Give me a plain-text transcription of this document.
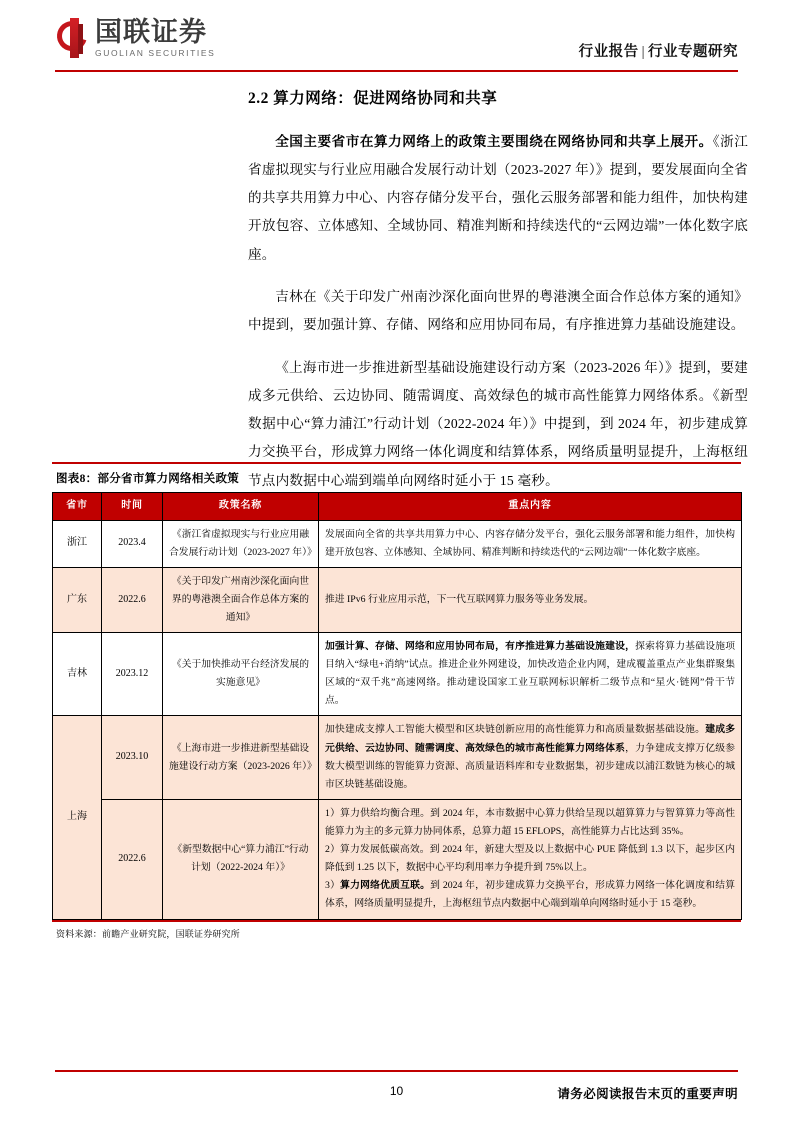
国联证券
GUOLIAN SECURITIES	行业报告 | 行业专题研究
2.2 算力网络：促进网络协同和共享

全国主要省市在算力网络上的政策主要围绕在网络协同和共享上展开。《浙江省虚拟现实与行业应用融合发展行动计划（2023-2027 年）》提到，要发展面向全省的共享共用算力中心、内容存储分发平台，强化云服务部署和能力组件，加快构建开放包容、立体感知、全域协同、精准判断和持续迭代的“云网边端”一体化数字底座。

吉林在《关于印发广州南沙深化面向世界的粤港澳全面合作总体方案的通知》中提到，要加强计算、存储、网络和应用协同布局，有序推进算力基础设施建设。

《上海市进一步推进新型基础设施建设行动方案（2023-2026 年）》提到，要建成多元供给、云边协同、随需调度、高效绿色的城市高性能算力网络体系。《新型数据中心“算力浦江”行动计划（2022-2024 年）》中提到，到 2024 年，初步建成算力交换平台，形成算力网络一体化调度和结算体系，网络质量明显提升，上海枢纽节点内数据中心端到端单向网络时延小于 15 毫秒。

图表8：部分省市算力网络相关政策
省市	时间	政策名称	重点内容
浙江	2023.4	《浙江省虚拟现实与行业应用融合发展行动计划（2023-2027 年）》	发展面向全省的共享共用算力中心、内容存储分发平台，强化云服务部署和能力组件，加快构建开放包容、立体感知、全域协同、精准判断和持续迭代的“云网边端”一体化数字底座。
广东	2022.6	《关于印发广州南沙深化面向世界的粤港澳全面合作总体方案的通知》	推进 IPv6 行业应用示范，下一代互联网算力服务等业务发展。
吉林	2023.12	《关于加快推动平台经济发展的实施意见》	加强计算、存储、网络和应用协同布局，有序推进算力基础设施建设，探索将算力基础设施项目纳入“绿电+消纳”试点。推进企业外网建设，加快改造企业内网，建成覆盖重点产业集群聚集区域的“双千兆”高速网络。推动建设国家工业互联网标识解析二级节点和“星火·链网”骨干节点。
上海	2023.10	《上海市进一步推进新型基础设施建设行动方案（2023-2026 年）》	加快建成支撑人工智能大模型和区块链创新应用的高性能算力和高质量数据基础设施。建成多元供给、云边协同、随需调度、高效绿色的城市高性能算力网络体系，力争建成支撑万亿级参数大模型训练的智能算力资源、高质量语料库和专业数据集，初步建成以浦江数链为核心的城市区块链基础设施。
	2022.6	《新型数据中心“算力浦江”行动计划（2022-2024 年）》	1）算力供给均衡合理。到 2024 年，本市数据中心算力供给呈现以超算算力与智算算力等高性能算力为主的多元算力协同体系，总算力超 15 EFLOPS，高性能算力占比达到 35%。
2）算力发展低碳高效。到 2024 年，新建大型及以上数据中心 PUE 降低到 1.3 以下，起步区内降低到 1.25 以下，数据中心平均利用率力争提升到 75%以上。
3）算力网络优质互联。到 2024 年，初步建成算力交换平台，形成算力网络一体化调度和结算体系，网络质量明显提升，上海枢纽节点内数据中心端到端单向网络时延小于 15 毫秒。
资料来源：前瞻产业研究院，国联证券研究所
10	请务必阅读报告末页的重要声明
